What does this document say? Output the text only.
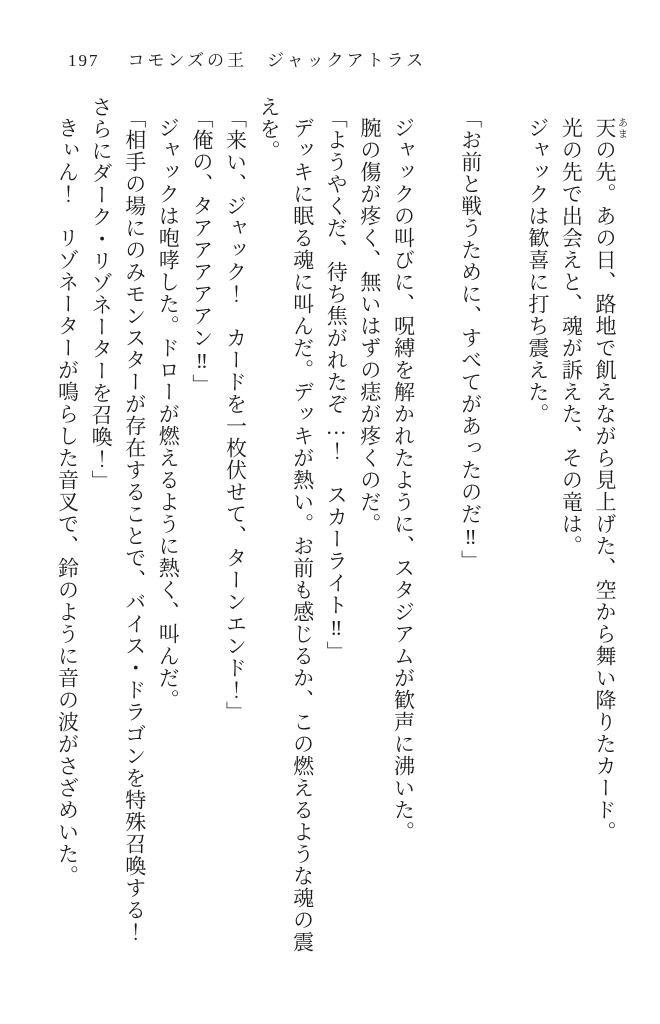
197 コモンズの王　ジャックアトラス

天あまの先。あの日、路地で飢えながら見上げた、空から舞い降りたカード。

光の先で出会えと、魂が訴えた、その竜は。

ジャックは歓喜に打ち震えた。

「お前と戦うために、すべてがあったのだ‼」

ジャックの叫びに、呪縛を解かれたように、スタジアムが歓声に沸いた。

腕の傷が疼く、無いはずの痣が疼くのだ。

「ようやくだ、待ち焦がれたぞ…！　スカーライト‼」

デッキに眠る魂に叫んだ。デッキが熱い。お前も感じるか、この燃えるような魂の震

えを。

「来い、ジャック！　カードを一枚伏せて、ターンエンド！」

「俺の、タアアアアアン‼」

ジャックは咆哮した。ドローが燃えるように熱く、叫んだ。

「相手の場にのみモンスターが存在することで、バイス・ドラゴンを特殊召喚する！

さらにダーク・リゾネーターを召喚！」

きぃん！　リゾネーターが鳴らした音叉で、鈴のように音の波がさざめいた。
